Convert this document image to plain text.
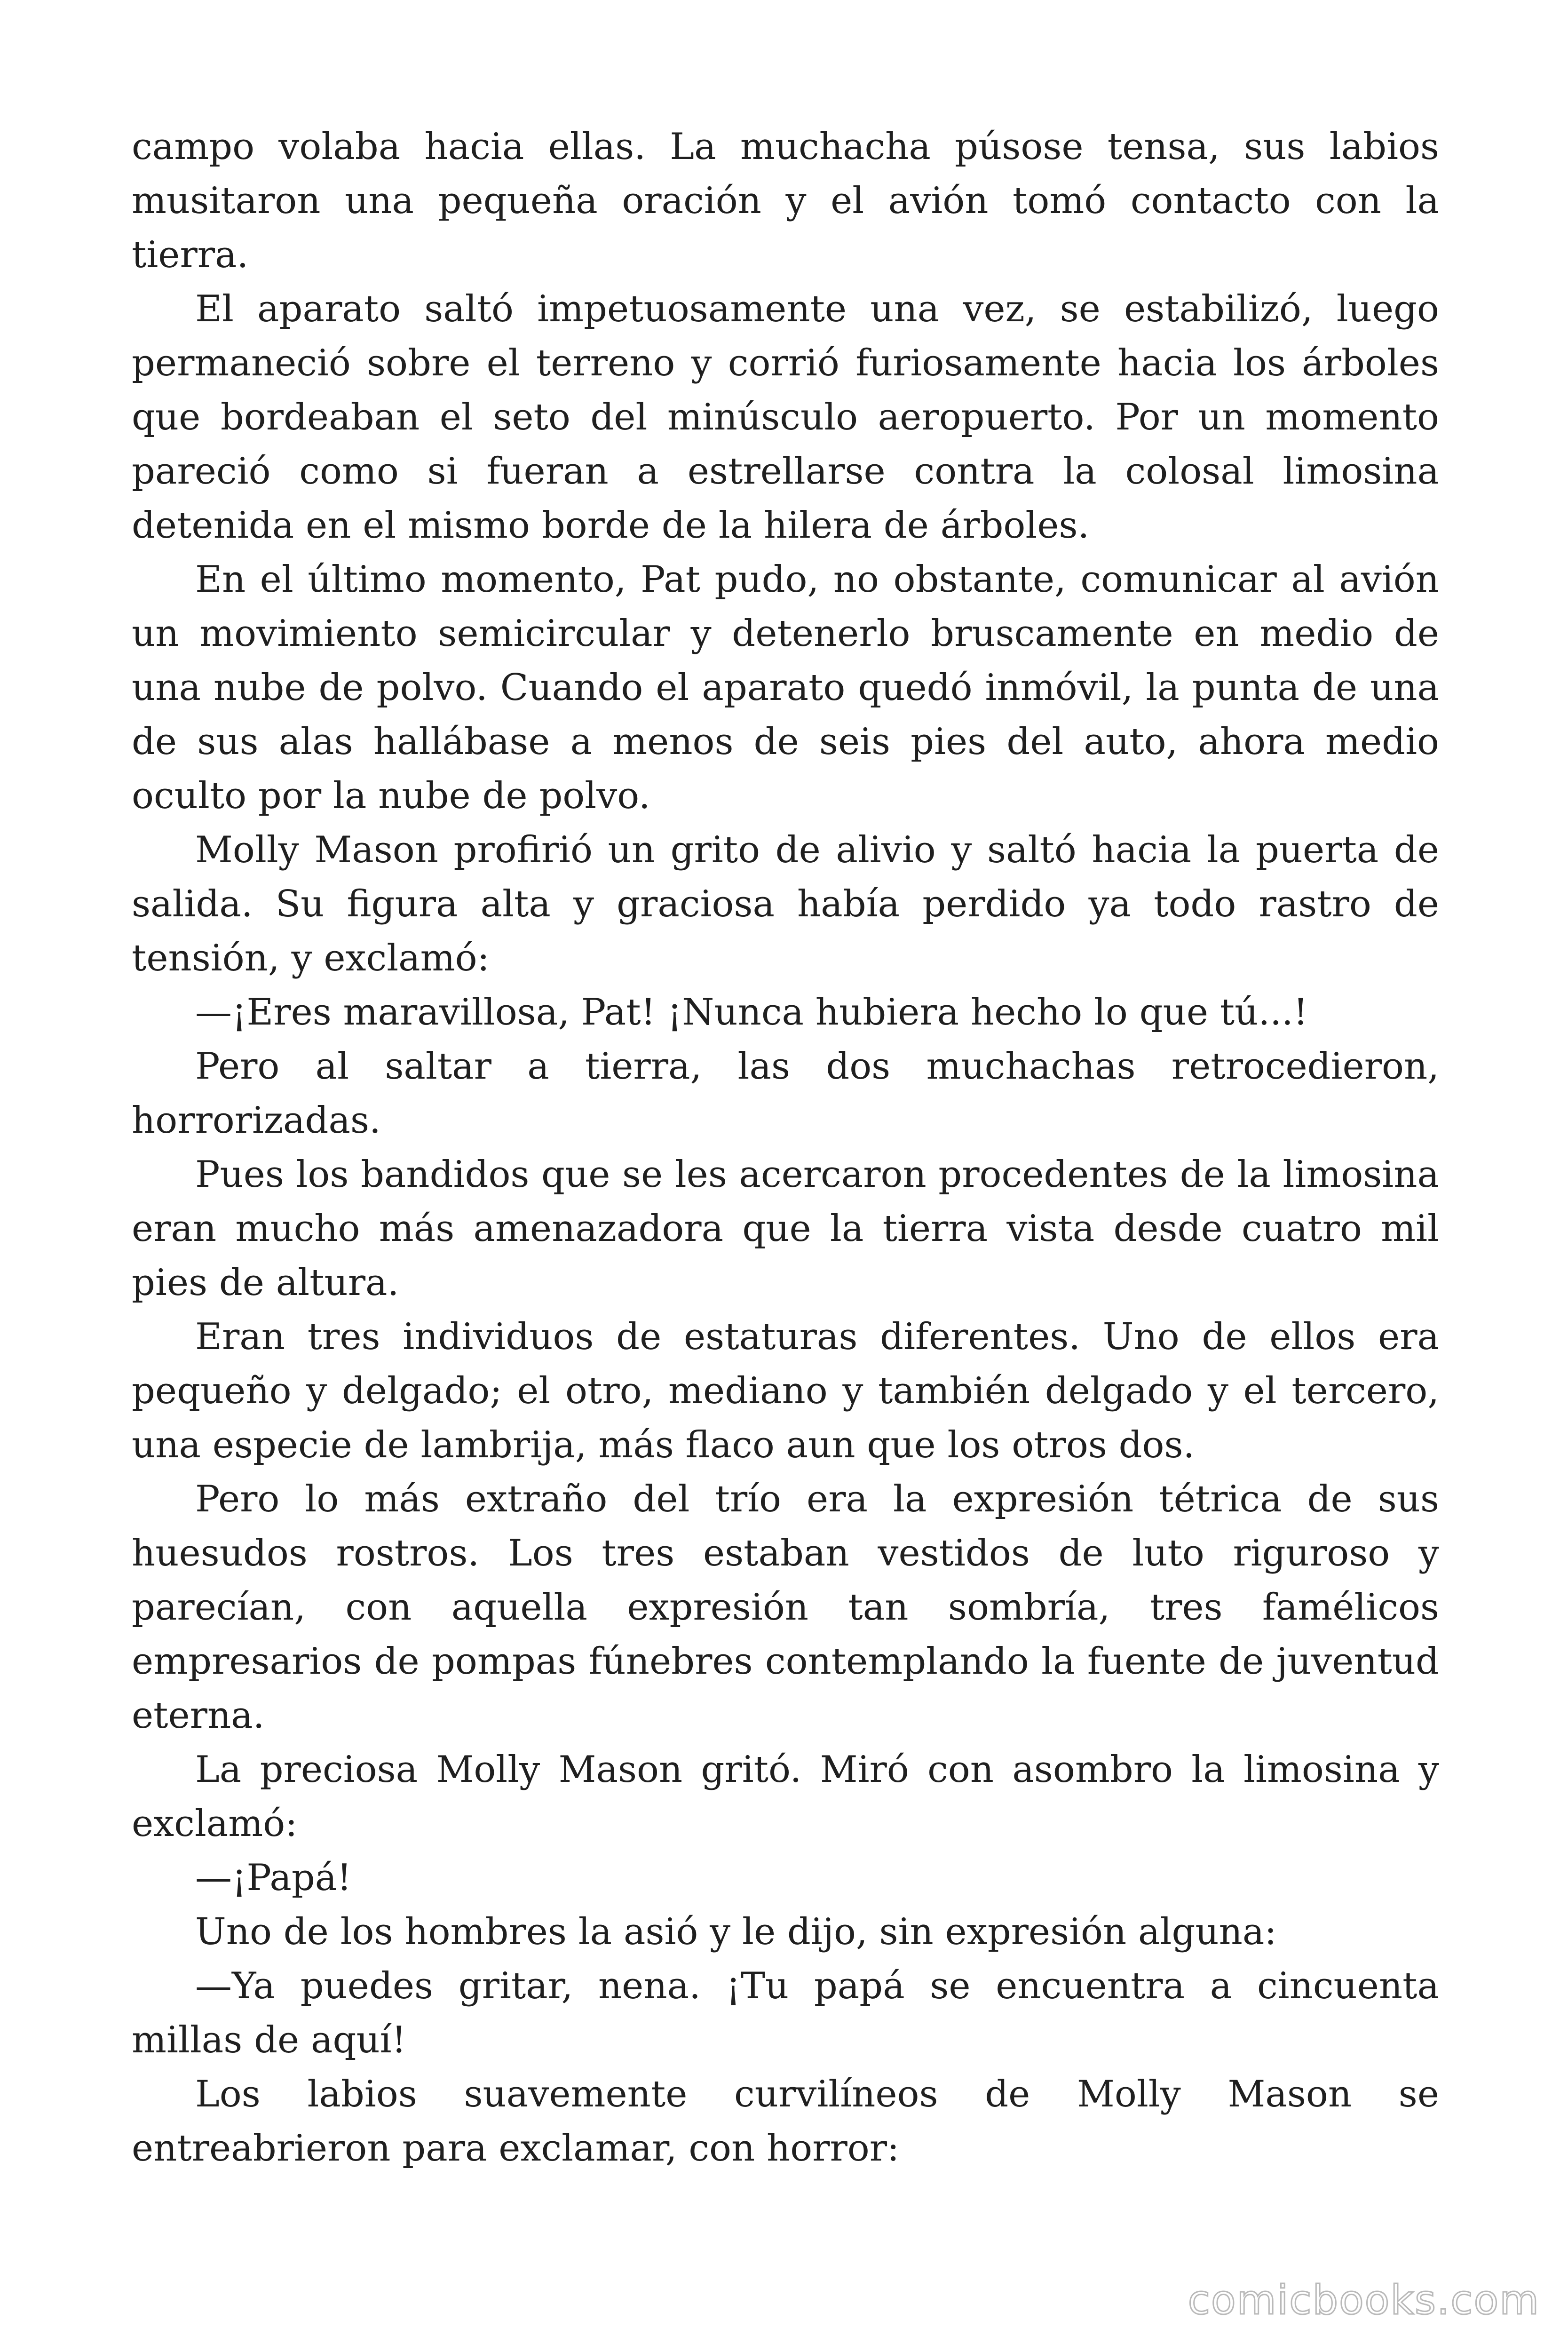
campo volaba hacia ellas. La muchacha púsose tensa, sus labios musitaron una pequeña oración y el avión tomó contacto con la tierra.

El aparato saltó impetuosamente una vez, se estabilizó, luego permaneció sobre el terreno y corrió furiosamente hacia los árboles que bordeaban el seto del minúsculo aeropuerto. Por un momento pareció como si fueran a estrellarse contra la colosal limosina detenida en el mismo borde de la hilera de árboles.

En el último momento, Pat pudo, no obstante, comunicar al avión un movimiento semicircular y detenerlo bruscamente en medio de una nube de polvo. Cuando el aparato quedó inmóvil, la punta de una de sus alas hallábase a menos de seis pies del auto, ahora medio oculto por la nube de polvo.

Molly Mason profirió un grito de alivio y saltó hacia la puerta de salida. Su figura alta y graciosa había perdido ya todo rastro de tensión, y exclamó:

—¡Eres maravillosa, Pat! ¡Nunca hubiera hecho lo que tú...!

Pero al saltar a tierra, las dos muchachas retrocedieron, horrorizadas.

Pues los bandidos que se les acercaron procedentes de la limosina eran mucho más amenazadora que la tierra vista desde cuatro mil pies de altura.

Eran tres individuos de estaturas diferentes. Uno de ellos era pequeño y delgado; el otro, mediano y también delgado y el tercero, una especie de lambrija, más flaco aun que los otros dos.

Pero lo más extraño del trío era la expresión tétrica de sus huesudos rostros. Los tres estaban vestidos de luto riguroso y parecían, con aquella expresión tan sombría, tres famélicos empresarios de pompas fúnebres contemplando la fuente de juventud eterna.

La preciosa Molly Mason gritó. Miró con asombro la limosina y exclamó:

—¡Papá!

Uno de los hombres la asió y le dijo, sin expresión alguna:

—Ya puedes gritar, nena. ¡Tu papá se encuentra a cincuenta millas de aquí!

Los labios suavemente curvilíneos de Molly Mason se entreabrieron para exclamar, con horror:

comicbooks.com
